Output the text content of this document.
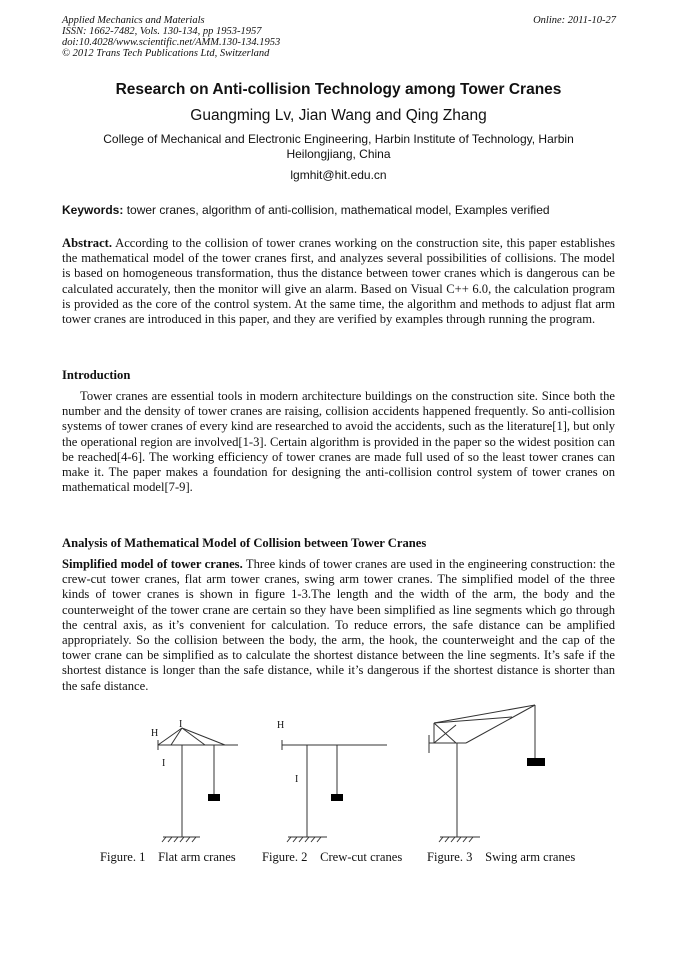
Applied Mechanics and Materials
ISSN: 1662-7482, Vols. 130-134, pp 1953-1957
doi:10.4028/www.scientific.net/AMM.130-134.1953
© 2012 Trans Tech Publications Ltd, Switzerland
Online: 2011-10-27
Research on Anti-collision Technology among Tower Cranes
Guangming Lv, Jian Wang and Qing Zhang
College of Mechanical and Electronic Engineering, Harbin Institute of Technology, Harbin Heilongjiang, China
lgmhit@hit.edu.cn
Keywords: tower cranes, algorithm of anti-collision, mathematical model, Examples verified
Abstract. According to the collision of tower cranes working on the construction site, this paper establishes the mathematical model of the tower cranes first, and analyzes several possibilities of collisions. The model is based on homogeneous transformation, thus the distance between tower cranes which is dangerous can be calculated accurately, then the monitor will give an alarm. Based on Visual C++ 6.0, the calculation program is provided as the core of the control system. At the same time, the algorithm and methods to adjust flat arm tower cranes are introduced in this paper, and they are verified by examples through running the program.
Introduction
Tower cranes are essential tools in modern architecture buildings on the construction site. Since both the number and the density of tower cranes are raising, collision accidents happened frequently. So anti-collision systems of tower cranes of every kind are researched to avoid the accidents, such as the literature[1], but only the operational region are involved[1-3]. Certain algorithm is provided in the paper so the widest position can be reached[4-6]. The working efficiency of tower cranes are made full used of so the least tower cranes can make it. The paper makes a foundation for designing the anti-collision control system of tower cranes on mathematical model[7-9].
Analysis of Mathematical Model of Collision between Tower Cranes
Simplified model of tower cranes. Three kinds of tower cranes are used in the engineering construction: the crew-cut tower cranes, flat arm tower cranes, swing arm tower cranes. The simplified model of the three kinds of tower cranes is shown in figure 1-3.The length and the width of the arm, the body and the counterweight of the tower crane are certain so they have been simplified as line segments which go through the central axis, as it’s convenient for calculation. To reduce errors, the safe distance can be amplified appropriately. So the collision between the body, the arm, the hook, the counterweight and the cap of the tower crane can be simplified as to calculate the shortest distance between the line segments. It’s safe if the shortest distance is longer than the safe distance, while it’s dangerous if the shortest distance is shorter than the safe distance.
H
I
I
H
I
Figure. 1    Flat arm cranes Figure. 2    Crew-cut cranes Figure. 3    Swing arm cranes
